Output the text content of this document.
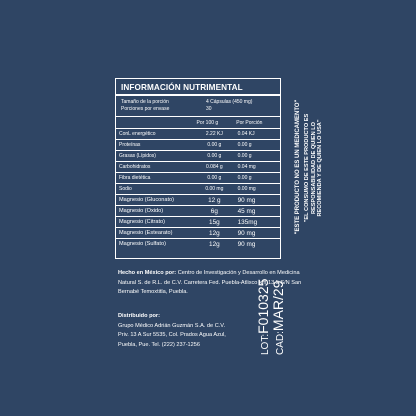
INFORMACIÓN NUTRIMENTAL
Tamaño de la porción	4 Cápsulas (450 mg)
Porciones por envase	30
Por 100 g	Por Porción
ConL energético	2.22 KJ	0.04 KJ
Proteínas	0.00 g	0.00 g
Grasas (Lípidos)	0.00 g	0.00 g
Carbohidratos	0.084 g	0.04 mg
Fibra dietética	0.00 g	0.00 g
Sodio	0.00 mg	0.00 mg
Magnesio (Gluconato)	12 g	90 mg
Magnesio (Oxido)	6g	45 mg
Magnesio (Citrato)	15g	135mg
Magnesio (Estearato)	12g	90 mg
Magnesio (Sulfato)	12g	90 mg
Hecho en México por: Centro de Investigación y Desarrollo en Medicina Natural S. de R.L. de C.V. Carretera Fed. Puebla-Atlixco km 13.5 S/N San Bernabé Temoxtitla, Puebla.
Distribuido por:
Grupo Médico Adrián Guzmán S.A. de C.V.
Priv. 13 A Sur 5535, Col. Prados Agua Azul,
Puebla, Pue. Tel. (222) 237-1256
"ESTE PRODUCTO NO ES UN MEDICAMENTO" "EL CONSUMO DE ESTE PRODUCTO ES RESPONSABILIDAD DE QUIEN LO RECOMIENDA Y DE QUIEN LO USA"
LOT:F010325
CAD:MAR/29
